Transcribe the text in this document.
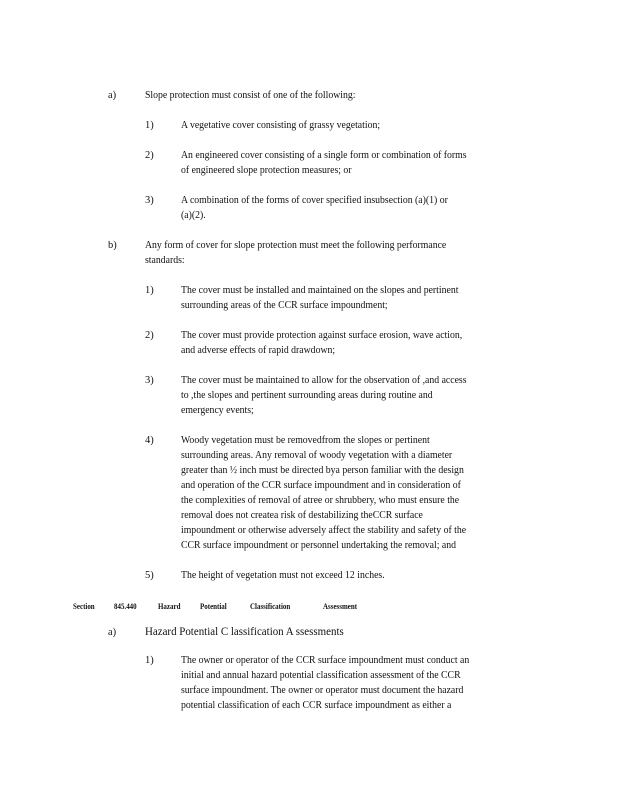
a)	Slope protection must consist of one of the following:
1)	A vegetative cover consisting of grassy vegetation;
2)	An engineered cover consisting of a single form or combination of forms
of engineered slope protection measures; or
3)	A combination of the forms of cover specified insubsection (a)(1) or
(a)(2).
b)	Any form of cover for slope protection must meet the following performance
standards:
1)	The cover must be installed and maintained on the slopes and pertinent
surrounding areas of the CCR surface impoundment;
2)	The cover must provide protection against surface erosion, wave action,
and adverse effects of rapid drawdown;
3)	The cover must be maintained to allow for the observation of ,and access
to ,the slopes and pertinent surrounding areas during routine and
emergency events;
4)	Woody vegetation must be removedfrom the slopes or pertinent
surrounding areas. Any removal of woody vegetation with a diameter
greater than ½ inch must be directed bya person familiar with the design
and operation of the CCR surface impoundment and in consideration of
the complexities of removal of atree or shrubbery, who must ensure the
removal does not createa risk of destabilizing theCCR surface
impoundment or otherwise adversely affect the stability and safety of the
CCR surface impoundment or personnel undertaking the removal; and
5)	The height of vegetation must not exceed 12 inches.
Section 845.440	Hazard Potential	Classification	Assessment
a)	Hazard Potential C lassification A ssessments
1)	The owner or operator of the CCR surface impoundment must conduct an
initial and annual hazard potential classification assessment of the CCR
surface impoundment. The owner or operator must document the hazard
potential classification of each CCR surface impoundment as either a
